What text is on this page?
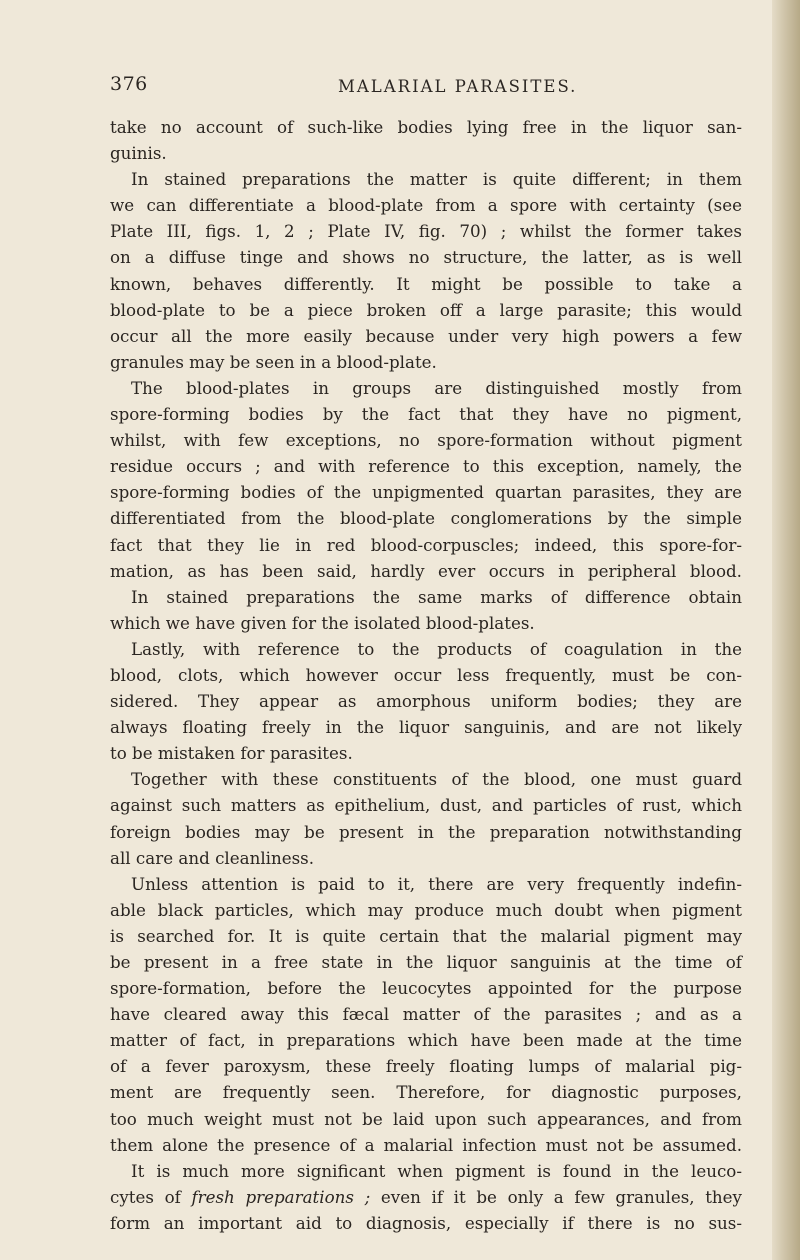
376	MALARIAL PARASITES.
take no account of such-like bodies lying free in the liquor san-
guinis.
In stained preparations the matter is quite different; in them
we can differentiate a blood-plate from a spore with certainty (see
Plate III, figs. 1, 2 ; Plate IV, fig. 70) ; whilst the former takes
on a diffuse tinge and shows no structure, the latter, as is well
known, behaves differently. It might be possible to take a
blood-plate to be a piece broken off a large parasite; this would
occur all the more easily because under very high powers a few
granules may be seen in a blood-plate.
The blood-plates in groups are distinguished mostly from
spore-forming bodies by the fact that they have no pigment,
whilst, with few exceptions, no spore-formation without pigment
residue occurs ; and with reference to this exception, namely, the
spore-forming bodies of the unpigmented quartan parasites, they are
differentiated from the blood-plate conglomerations by the simple
fact that they lie in red blood-corpuscles; indeed, this spore-for-
mation, as has been said, hardly ever occurs in peripheral blood.
In stained preparations the same marks of difference obtain
which we have given for the isolated blood-plates.
Lastly, with reference to the products of coagulation in the
blood, clots, which however occur less frequently, must be con-
sidered. They appear as amorphous uniform bodies; they are
always floating freely in the liquor sanguinis, and are not likely
to be mistaken for parasites.
Together with these constituents of the blood, one must guard
against such matters as epithelium, dust, and particles of rust, which
foreign bodies may be present in the preparation notwithstanding
all care and cleanliness.
Unless attention is paid to it, there are very frequently indefin-
able black particles, which may produce much doubt when pigment
is searched for. It is quite certain that the malarial pigment may
be present in a free state in the liquor sanguinis at the time of
spore-formation, before the leucocytes appointed for the purpose
have cleared away this fæcal matter of the parasites ; and as a
matter of fact, in preparations which have been made at the time
of a fever paroxysm, these freely floating lumps of malarial pig-
ment are frequently seen. Therefore, for diagnostic purposes,
too much weight must not be laid upon such appearances, and from
them alone the presence of a malarial infection must not be assumed.
It is much more significant when pigment is found in the leuco-
cytes of fresh preparations ; even if it be only a few granules, they
form an important aid to diagnosis, especially if there is no sus-
